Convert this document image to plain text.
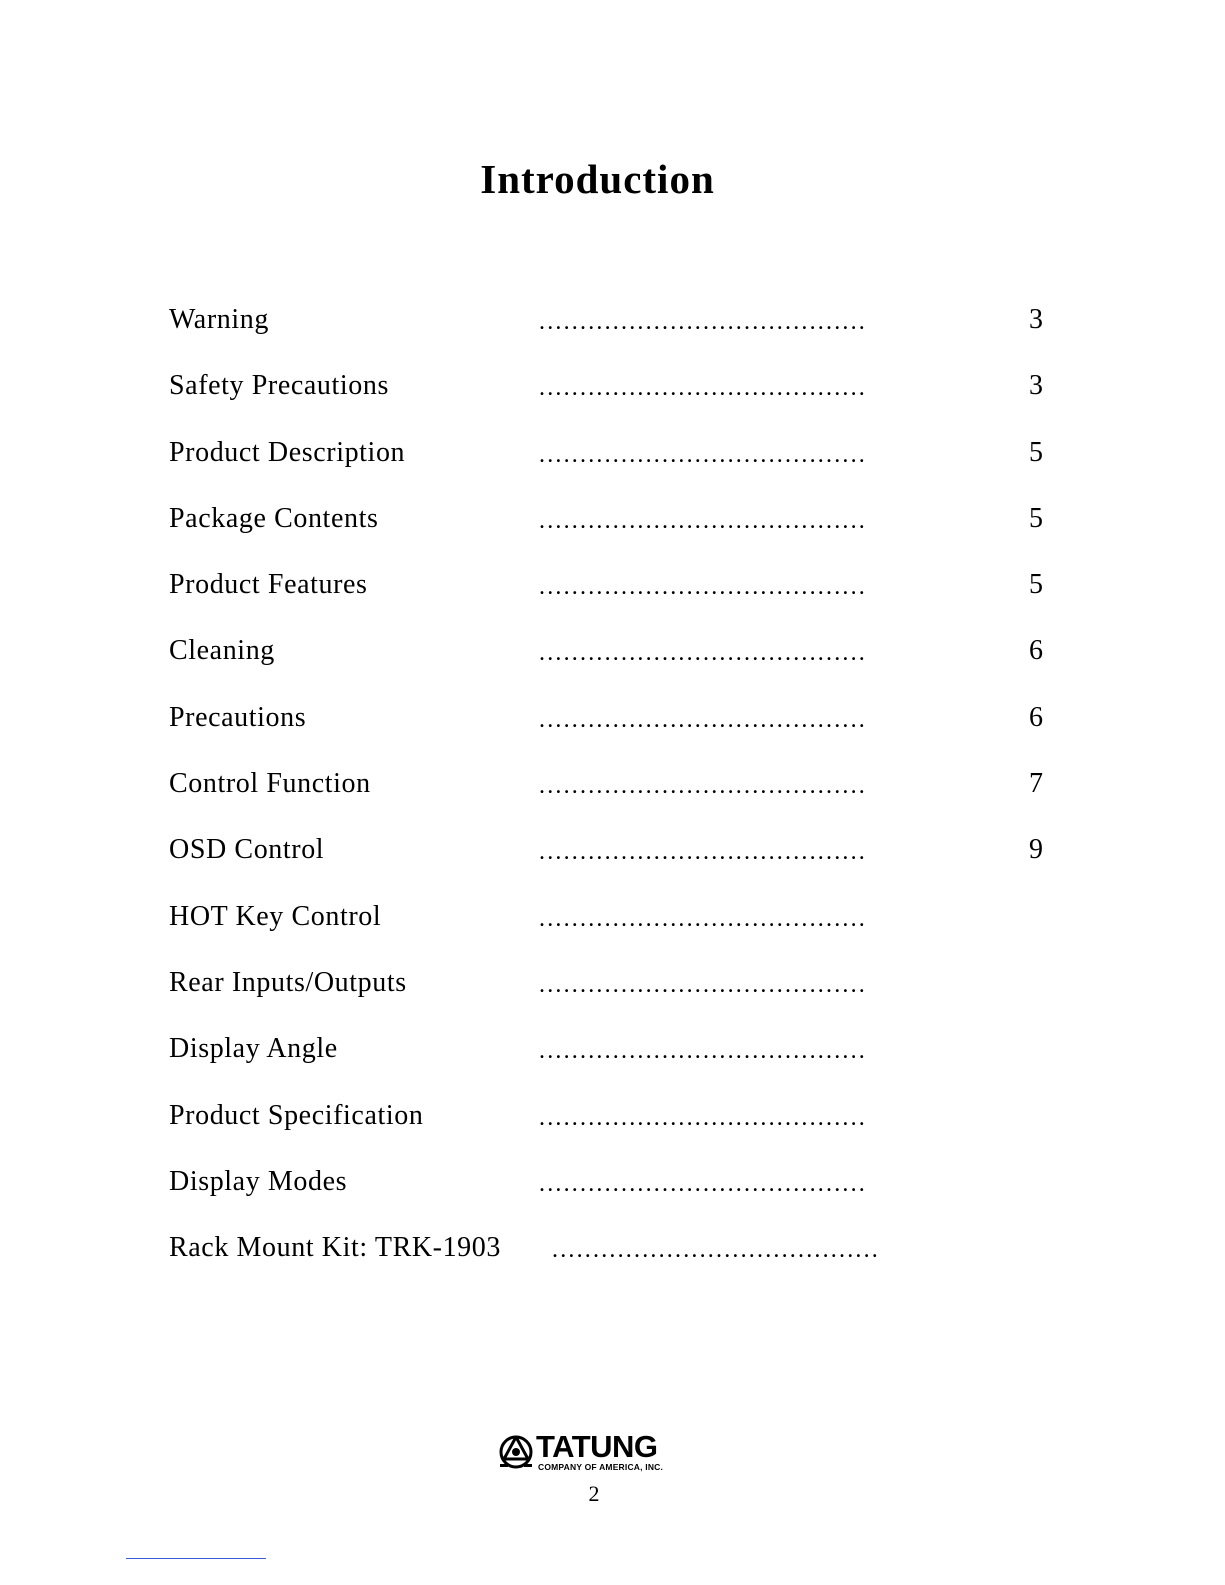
Introduction
Warning	........................................	3
Safety Precautions	........................................	3
Product Description	........................................	5
Package Contents	........................................	5
Product Features	........................................	5
Cleaning	........................................	6
Precautions	........................................	6
Control Function	........................................	7
OSD Control	........................................	9
HOT Key Control	........................................
Rear Inputs/Outputs	........................................
Display Angle	........................................
Product Specification	........................................
Display Modes	........................................
Rack Mount Kit: TRK-1903 ........................................
TATUNG
COMPANY OF AMERICA, INC.
2
